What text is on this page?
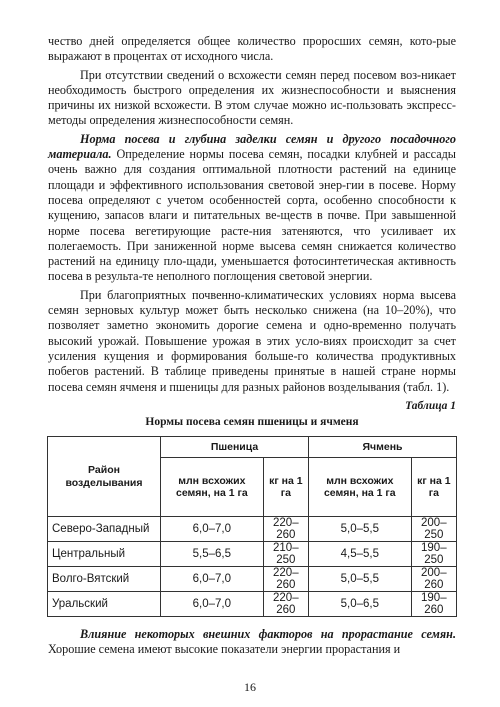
чество дней определяется общее количество проросших семян, кото-рые выражают в процентах от исходного числа.

При отсутствии сведений о всхожести семян перед посевом воз-никает необходимость быстрого определения их жизнеспособности и выяснения причины их низкой всхожести. В этом случае можно ис-пользовать экспресс-методы определения жизнеспособности семян.

Норма посева и глубина заделки семян и другого посадочного материала. Определение нормы посева семян, посадки клубней и рассады очень важно для создания оптимальной плотности растений на единице площади и эффективного использования световой энер-гии в посеве. Норму посева определяют с учетом особенностей сорта, особенно способности к кущению, запасов влаги и питательных ве-ществ в почве. При завышенной норме посева вегетирующие расте-ния затеняются, что усиливает их полегаемость. При заниженной норме высева семян снижается количество растений на единицу пло-щади, уменьшается фотосинтетическая активность посева в результа-те неполного поглощения световой энергии.

При благоприятных почвенно-климатических условиях норма высева семян зерновых культур может быть несколько снижена (на 10–20%), что позволяет заметно экономить дорогие семена и одно-временно получать высокий урожай. Повышение урожая в этих усло-виях происходит за счет усиления кущения и формирования больше-го количества продуктивных побегов растений. В таблице приведены принятые в нашей стране нормы посева семян ячменя и пшеницы для разных районов возделывания (табл. 1).

Таблица 1
Нормы посева семян пшеницы и ячменя
Район возделывания	Пшеница		Ячмень	
	млн всхожих семян, на 1 га	кг на 1 га	млн всхожих семян, на 1 га	кг на 1 га
Северо-Западный	6,0–7,0	220–260	5,0–5,5	200–250
Центральный	5,5–6,5	210–250	4,5–5,5	190–250
Волго-Вятский	6,0–7,0	220–260	5,0–5,5	200–260
Уральский	6,0–7,0	220–260	5,0–6,5	190–260

Влияние некоторых внешних факторов на прорастание семян. Хорошие семена имеют высокие показатели энергии прорастания и

16
